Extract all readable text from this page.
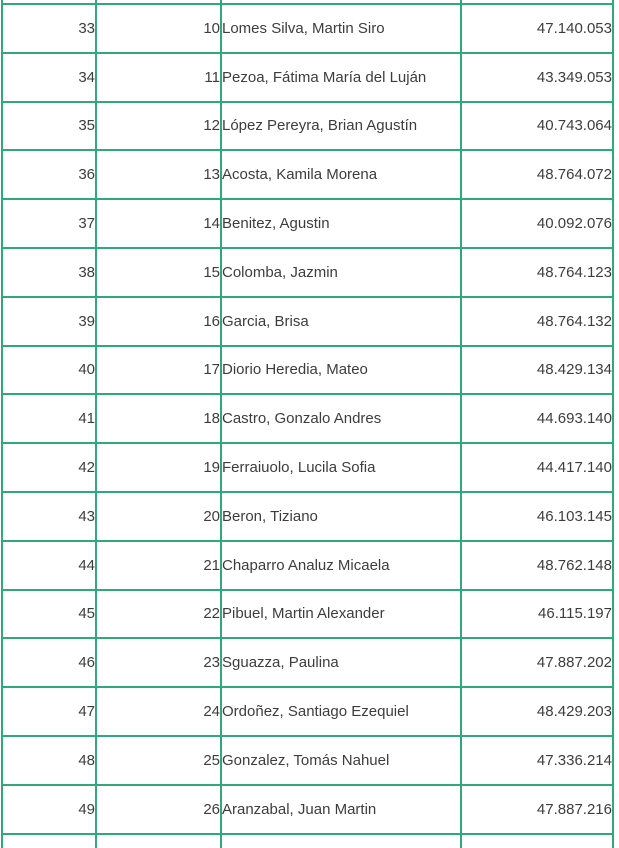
33	10	Lomes Silva, Martin Siro	47.140.053
34	11	Pezoa, Fátima María del Luján	43.349.053
35	12	López Pereyra, Brian Agustín	40.743.064
36	13	Acosta, Kamila Morena	48.764.072
37	14	Benitez, Agustin	40.092.076
38	15	Colomba, Jazmin	48.764.123
39	16	Garcia, Brisa	48.764.132
40	17	Diorio Heredia, Mateo	48.429.134
41	18	Castro, Gonzalo Andres	44.693.140
42	19	Ferraiuolo, Lucila Sofia	44.417.140
43	20	Beron, Tiziano	46.103.145
44	21	Chaparro Analuz Micaela	48.762.148
45	22	Pibuel, Martin Alexander	46.115.197
46	23	Sguazza, Paulina	47.887.202
47	24	Ordoñez, Santiago Ezequiel	48.429.203
48	25	Gonzalez, Tomás Nahuel	47.336.214
49	26	Aranzabal, Juan Martin	47.887.216
